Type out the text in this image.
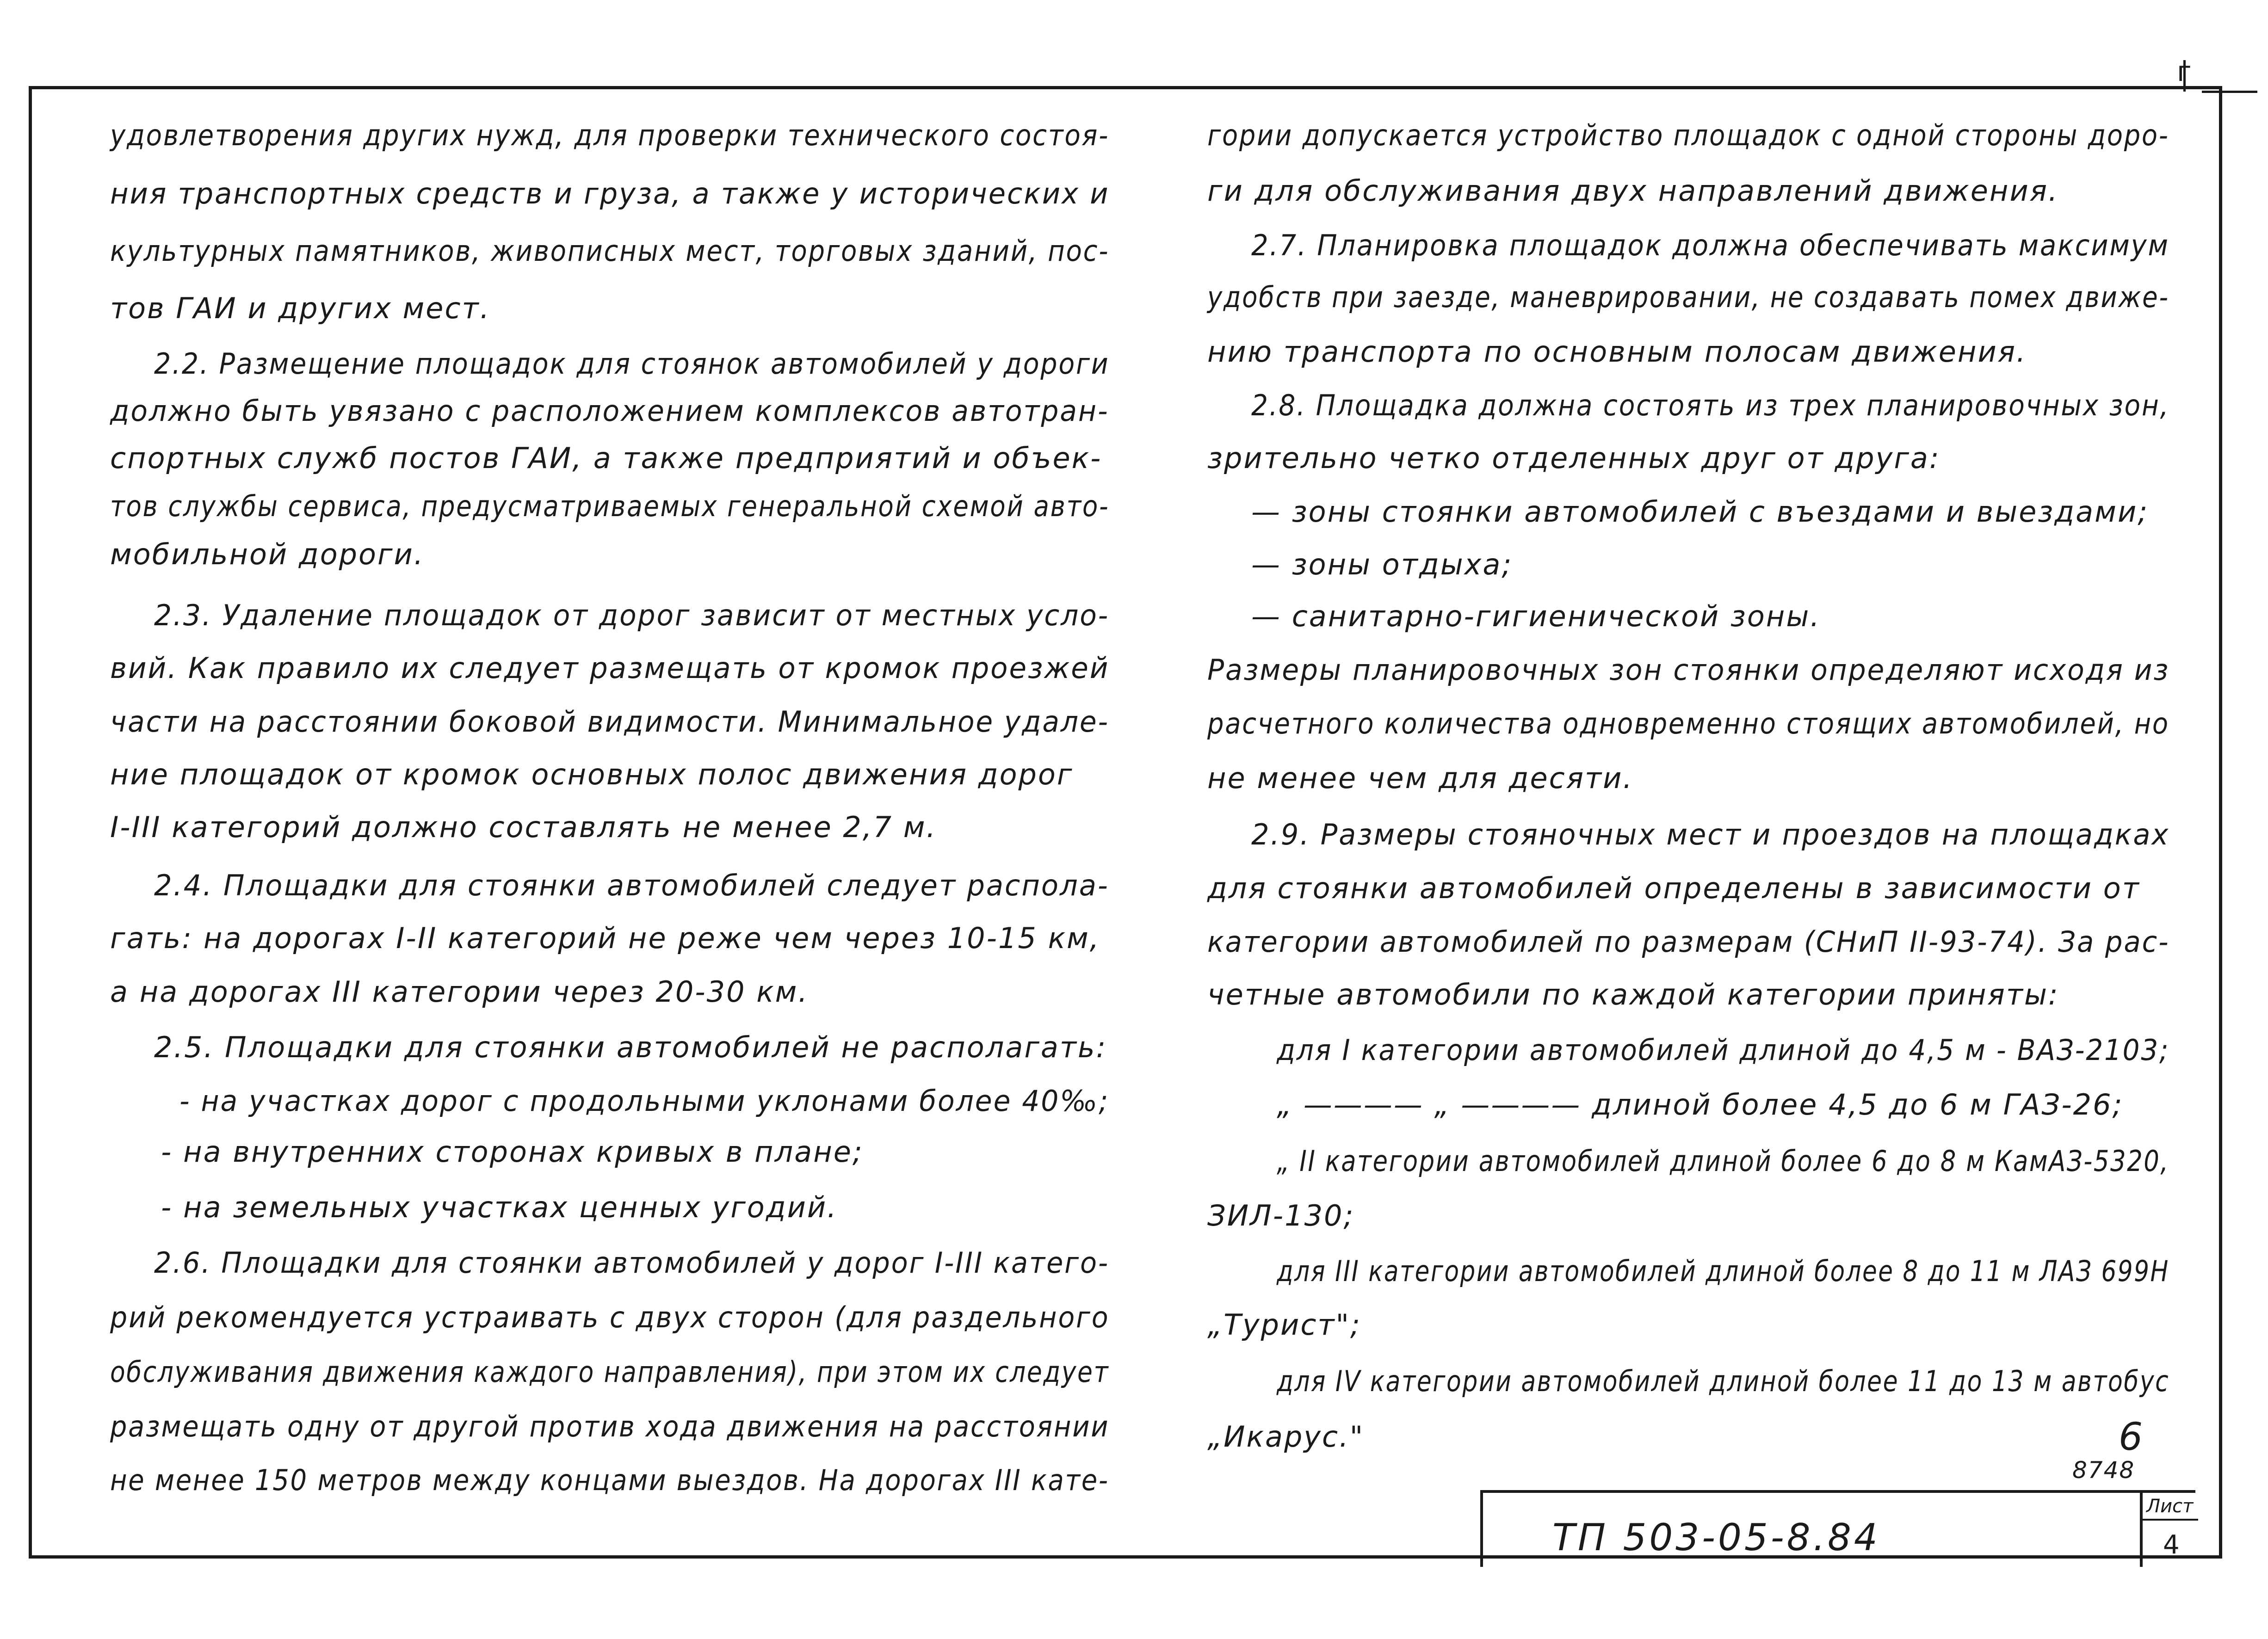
г
удовлетворения других нужд, для проверки технического состоя-
ния транспортных средств и груза, а также у исторических и
культурных памятников, живописных мест, торговых зданий, пос-
тов ГАИ и других мест.
2.2. Размещение площадок для стоянок автомобилей у дороги
должно быть увязано с расположением комплексов автотран-
спортных служб постов ГАИ, а также предприятий и объек-
тов службы сервиса, предусматриваемых генеральной схемой авто-
мобильной дороги.
2.3. Удаление площадок от дорог зависит от местных усло-
вий. Как правило их следует размещать от кромок проезжей
части на расстоянии боковой видимости. Минимальное удале-
ние площадок от кромок основных полос движения дорог
I-III категорий должно составлять не менее 2,7 м.
2.4. Площадки для стоянки автомобилей следует распола-
гать: на дорогах I-II категорий не реже чем через 10-15 км,
а на дорогах III категории через 20-30 км.
2.5. Площадки для стоянки автомобилей не располагать:
- на участках дорог с продольными уклонами более 40‰;
- на внутренних сторонах кривых в плане;
- на земельных участках ценных угодий.
2.6. Площадки для стоянки автомобилей у дорог I-III катего-
рий рекомендуется устраивать с двух сторон (для раздельного
обслуживания движения каждого направления), при этом их следует
размещать одну от другой против хода движения на расстоянии
не менее 150 метров между концами выездов. На дорогах III кате-
гории допускается устройство площадок с одной стороны доро-
ги для обслуживания двух направлений движения.
2.7. Планировка площадок должна обеспечивать максимум
удобств при заезде, маневрировании, не создавать помех движе-
нию транспорта по основным полосам движения.
2.8. Площадка должна состоять из трех планировочных зон,
зрительно четко отделенных друг от друга:
— зоны стоянки автомобилей с въездами и выездами;
— зоны отдыха;
— санитарно-гигиенической зоны.
Размеры планировочных зон стоянки определяют исходя из
расчетного количества одновременно стоящих автомобилей, но
не менее чем для десяти.
2.9. Размеры стояночных мест и проездов на площадках
для стоянки автомобилей определены в зависимости от
категории автомобилей по размерам (СНиП II-93-74). За рас-
четные автомобили по каждой категории приняты:
для I категории автомобилей длиной до 4,5 м - ВАЗ-2103;
„ ———— „ ———— длиной более 4,5 до 6 м ГАЗ-26;
„ II категории автомобилей длиной более 6 до 8 м КамАЗ-5320,
ЗИЛ-130;
для III категории автомобилей длиной более 8 до 11 м ЛАЗ 699Н
„Турист";
для IV категории автомобилей длиной более 11 до 13 м автобус
„Икарус."	6
8748
ТП 503-05-8.84
Лист
4
